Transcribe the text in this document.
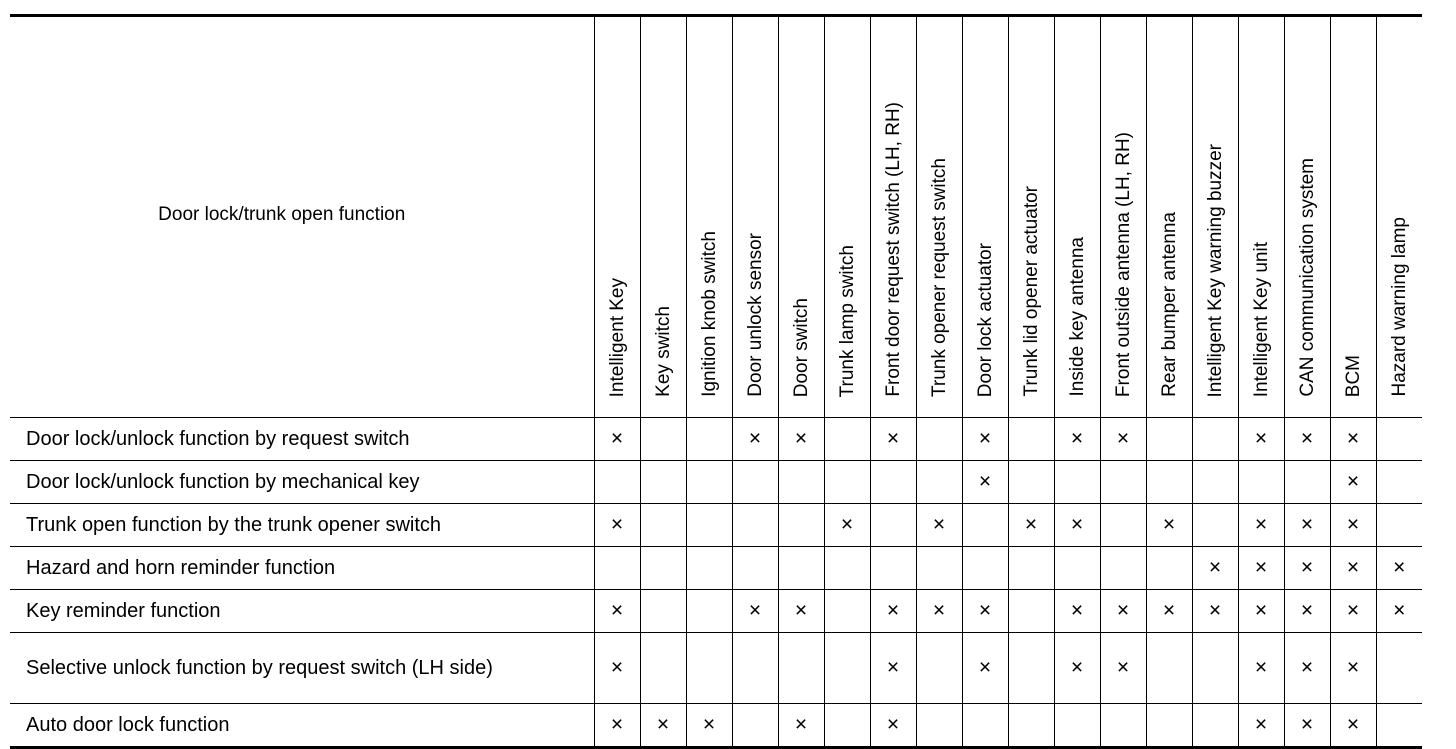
Door lock/trunk open function	Intelligent Key	Key switch	Ignition knob switch	Door unlock sensor	Door switch	Trunk lamp switch	Front door request switch (LH, RH)	Trunk opener request switch	Door lock actuator	Trunk lid opener actuator	Inside key antenna	Front outside antenna (LH, RH)	Rear bumper antenna	Intelligent Key warning buzzer	Intelligent Key unit	CAN communication system	BCM	Hazard warning lamp
Door lock/unlock function by request switch	×			×	×		×		×		×	×			×	×	×	
Door lock/unlock function by mechanical key									×								×	
Trunk open function by the trunk opener switch	×					×		×		×	×		×		×	×	×	
Hazard and horn reminder function														×	×	×	×	×
Key reminder function	×			×	×		×	×	×		×	×	×	×	×	×	×	×
Selective unlock function by request switch (LH side)	×						×		×		×	×			×	×	×	
Auto door lock function	×	×	×		×		×								×	×	×	
